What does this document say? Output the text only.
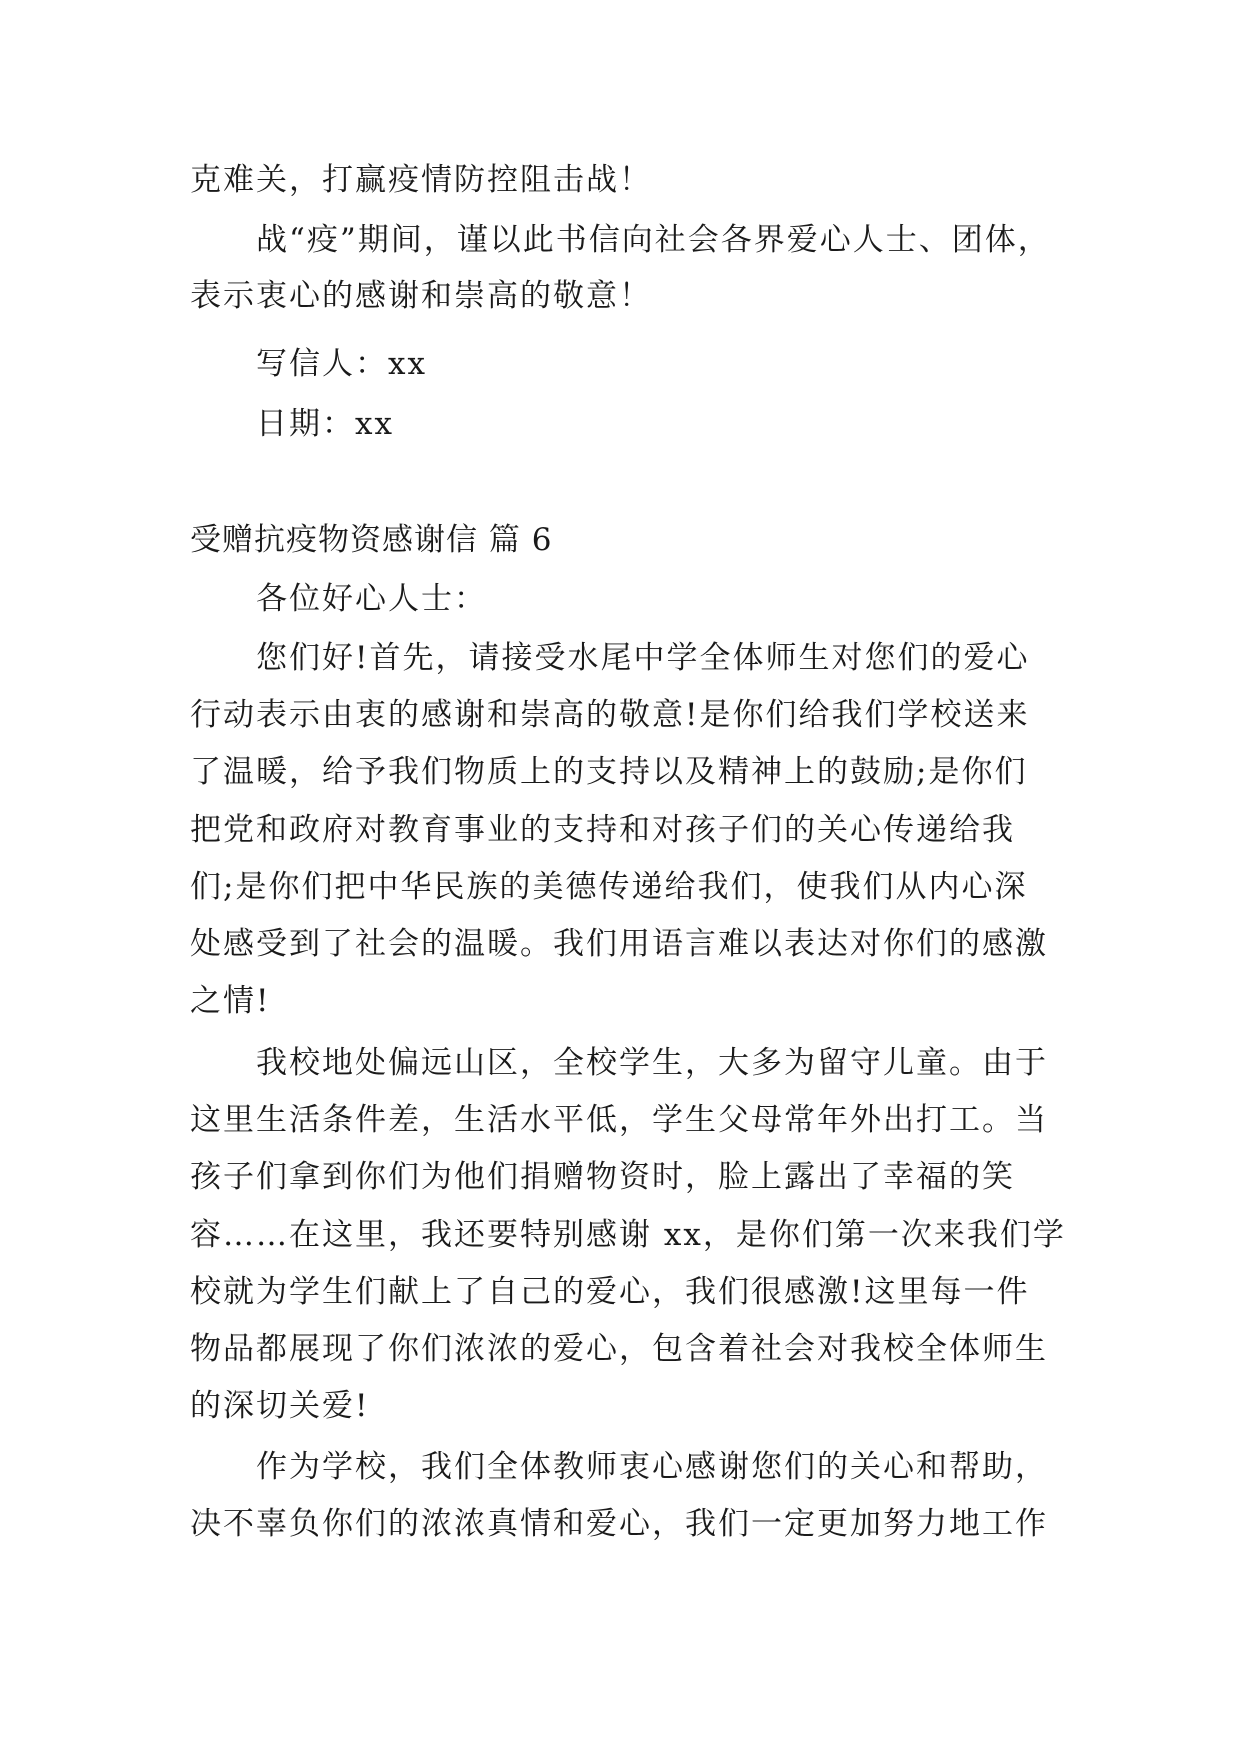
克难关，打赢疫情防控阻击战！
战“疫”期间，谨以此书信向社会各界爱心人士、团体，
表示衷心的感谢和崇高的敬意！
写信人：xx
日期：xx
受赠抗疫物资感谢信 篇 6
各位好心人士：
您们好!首先，请接受水尾中学全体师生对您们的爱心
行动表示由衷的感谢和崇高的敬意!是你们给我们学校送来
了温暖，给予我们物质上的支持以及精神上的鼓励;是你们
把党和政府对教育事业的支持和对孩子们的关心传递给我
们;是你们把中华民族的美德传递给我们，使我们从内心深
处感受到了社会的温暖。我们用语言难以表达对你们的感激
之情!
我校地处偏远山区，全校学生，大多为留守儿童。由于
这里生活条件差，生活水平低，学生父母常年外出打工。当
孩子们拿到你们为他们捐赠物资时，脸上露出了幸福的笑
容……在这里，我还要特别感谢 xx，是你们第一次来我们学
校就为学生们献上了自己的爱心，我们很感激!这里每一件
物品都展现了你们浓浓的爱心，包含着社会对我校全体师生
的深切关爱!
作为学校，我们全体教师衷心感谢您们的关心和帮助，
决不辜负你们的浓浓真情和爱心，我们一定更加努力地工作
